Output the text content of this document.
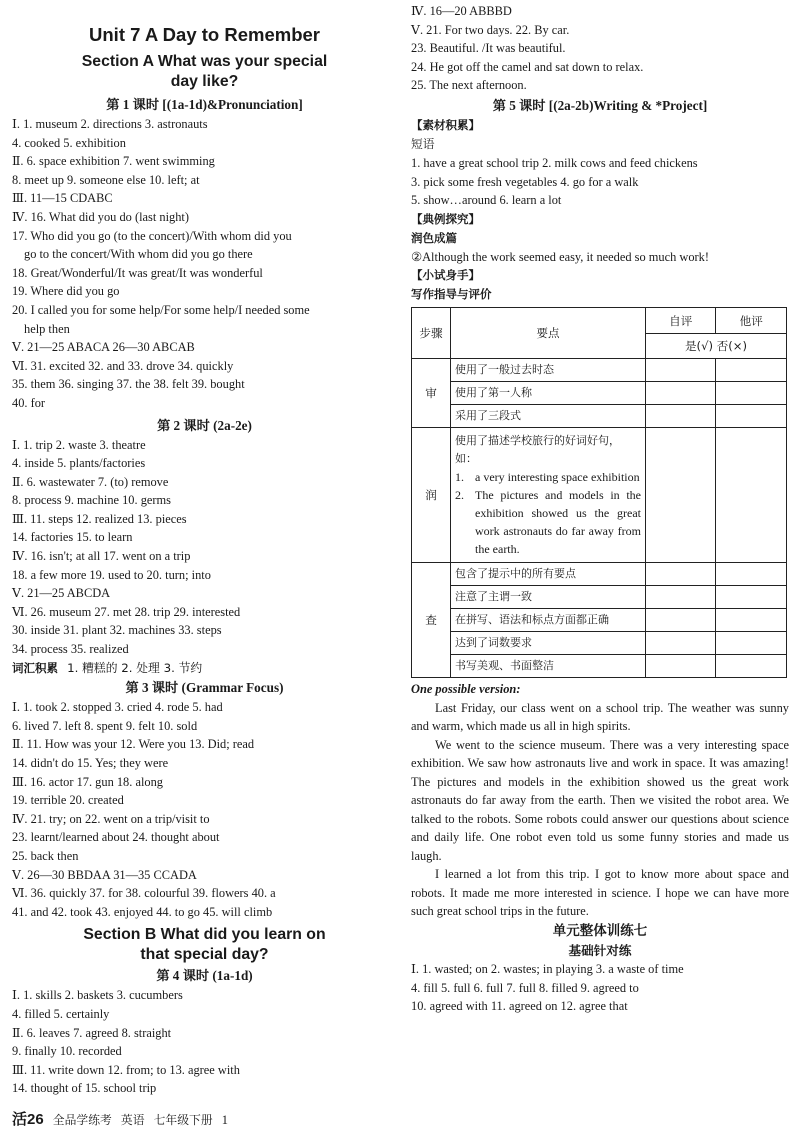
Unit 7 A Day to Remember
Section A What was your special
day like?
第 1 课时 [(1a-1d)&Pronunciation]
Ⅰ. 1. museum 2. directions 3. astronauts
4. cooked 5. exhibition
Ⅱ. 6. space exhibition 7. went swimming
8. meet up 9. someone else 10. left; at
Ⅲ. 11—15 CDABC
Ⅳ. 16. What did you do (last night)
17. Who did you go (to the concert)/With whom did you
go to the concert/With whom did you go there
18. Great/Wonderful/It was great/It was wonderful
19. Where did you go
20. I called you for some help/For some help/I needed some
help then
Ⅴ. 21—25 ABACA 26—30 ABCAB
Ⅵ. 31. excited 32. and 33. drove 34. quickly
35. them 36. singing 37. the 38. felt 39. bought
40. for
第 2 课时 (2a-2e)
Ⅰ. 1. trip 2. waste 3. theatre
4. inside 5. plants/factories
Ⅱ. 6. wastewater 7. (to) remove
8. process 9. machine 10. germs
Ⅲ. 11. steps 12. realized 13. pieces
14. factories 15. to learn
Ⅳ. 16. isn't; at all 17. went on a trip
18. a few more 19. used to 20. turn; into
Ⅴ. 21—25 ABCDA
Ⅵ. 26. museum 27. met 28. trip 29. interested
30. inside 31. plant 32. machines 33. steps
34. process 35. realized
词汇积累 1. 糟糕的 2. 处理 3. 节约
第 3 课时 (Grammar Focus)
Ⅰ. 1. took 2. stopped 3. cried 4. rode 5. had
6. lived 7. left 8. spent 9. felt 10. sold
Ⅱ. 11. How was your 12. Were you 13. Did; read
14. didn't do 15. Yes; they were
Ⅲ. 16. actor 17. gun 18. along
19. terrible 20. created
Ⅳ. 21. try; on 22. went on a trip/visit to
23. learnt/learned about 24. thought about
25. back then
Ⅴ. 26—30 BBDAA 31—35 CCADA
Ⅵ. 36. quickly 37. for 38. colourful 39. flowers 40. a
41. and 42. took 43. enjoyed 44. to go 45. will climb
Section B What did you learn on
that special day?
第 4 课时 (1a-1d)
Ⅰ. 1. skills 2. baskets 3. cucumbers
4. filled 5. certainly
Ⅱ. 6. leaves 7. agreed 8. straight
9. finally 10. recorded
Ⅲ. 11. write down 12. from; to 13. agree with
14. thought of 15. school trip
Ⅳ. 16—20 ABBBD
Ⅴ. 21. For two days. 22. By car.
23. Beautiful. /It was beautiful.
24. He got off the camel and sat down to relax.
25. The next afternoon.
第 5 课时 [(2a-2b)Writing & *Project]
【素材积累】
短语
1. have a great school trip 2. milk cows and feed chickens
3. pick some fresh vegetables 4. go for a walk
5. show…around 6. learn a lot
【典例探究】
润色成篇
②Although the work seemed easy, it needed so much work!
【小试身手】
写作指导与评价
步骤	要点	自评	他评
		是(√) 否(×)	
审	使用了一般过去时态		
	使用了第一人称		
	采用了三段式		
润	使用了描述学校旅行的好词好句，如：
1. a very interesting space exhibition
2. The pictures and models in the exhibition showed us the great work astronauts do far away from the earth.		

查	包含了提示中的所有要点		
	注意了主谓一致		
	在拼写、语法和标点方面都正确		
	达到了词数要求		
	书写美观、书面整洁		
One possible version:

Last Friday, our class went on a school trip. The weather was sunny and warm, which made us all in high spirits.

We went to the science museum. There was a very interesting space exhibition. We saw how astronauts live and work in space. It was amazing! The pictures and models in the exhibition showed us the great work astronauts do far away from the earth. Then we visited the robot area. We talked to the robots. Some robots could answer our questions about science and daily life. One robot even told us some funny stories and made us laugh.

I learned a lot from this trip. I got to know more about space and robots. It made me more interested in science. I hope we can have more such great school trips in the future.

单元整体训练七
基础针对练
Ⅰ. 1. wasted; on 2. wastes; in playing 3. a waste of time
4. fill 5. full 6. full 7. full 8. filled 9. agreed to
10. agreed with 11. agreed on 12. agree that
活26 全品学练考 英语 七年级下册 1
